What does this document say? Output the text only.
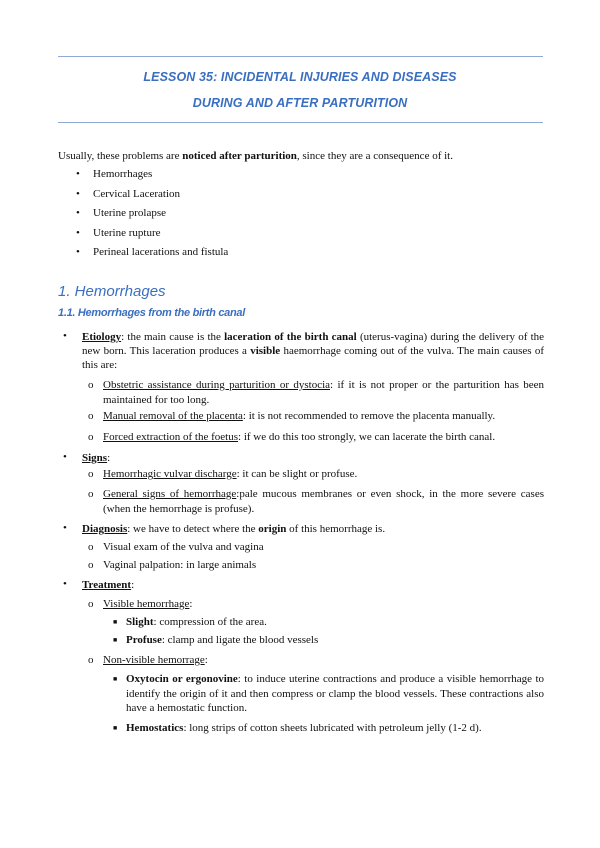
LESSON 35: INCIDENTAL INJURIES AND DISEASES
DURING AND AFTER PARTURITION
Usually, these problems are noticed after parturition, since they are a consequence of it.
• Hemorrhages
• Cervical Laceration
• Uterine prolapse
• Uterine rupture
• Perineal lacerations and fistula
1. Hemorrhages
1.1. Hemorrhages from the birth canal
• Etiology: the main cause is the laceration of the birth canal (uterus-vagina) during the delivery of the new born. This laceration produces a visible haemorrhage coming out of the vulva. The main causes of this are:
o Obstetric assistance during parturition or dystocia: if it is not proper or the parturition has been maintained for too long.
o Manual removal of the placenta: it is not recommended to remove the placenta manually.
o Forced extraction of the foetus: if we do this too strongly, we can lacerate the birth canal.
• Signs:
o Hemorrhagic vulvar discharge: it can be slight or profuse.
o General signs of hemorrhage:pale mucous membranes or even shock, in the more severe cases (when the hemorrhage is profuse).
• Diagnosis: we have to detect where the origin of this hemorrhage is.
o Visual exam of the vulva and vagina
o Vaginal palpation: in large animals
• Treatment:
o Visible hemorrhage:
■ Slight: compression of the area.
■ Profuse: clamp and ligate the blood vessels
o Non-visible hemorrage:
■ Oxytocin or ergonovine: to induce uterine contractions and produce a visible hemorrhage to identify the origin of it and then compress or clamp the blood vessels. These contractions also have a hemostatic function.
■ Hemostatics: long strips of cotton sheets lubricated with petroleum jelly (1-2 d).
